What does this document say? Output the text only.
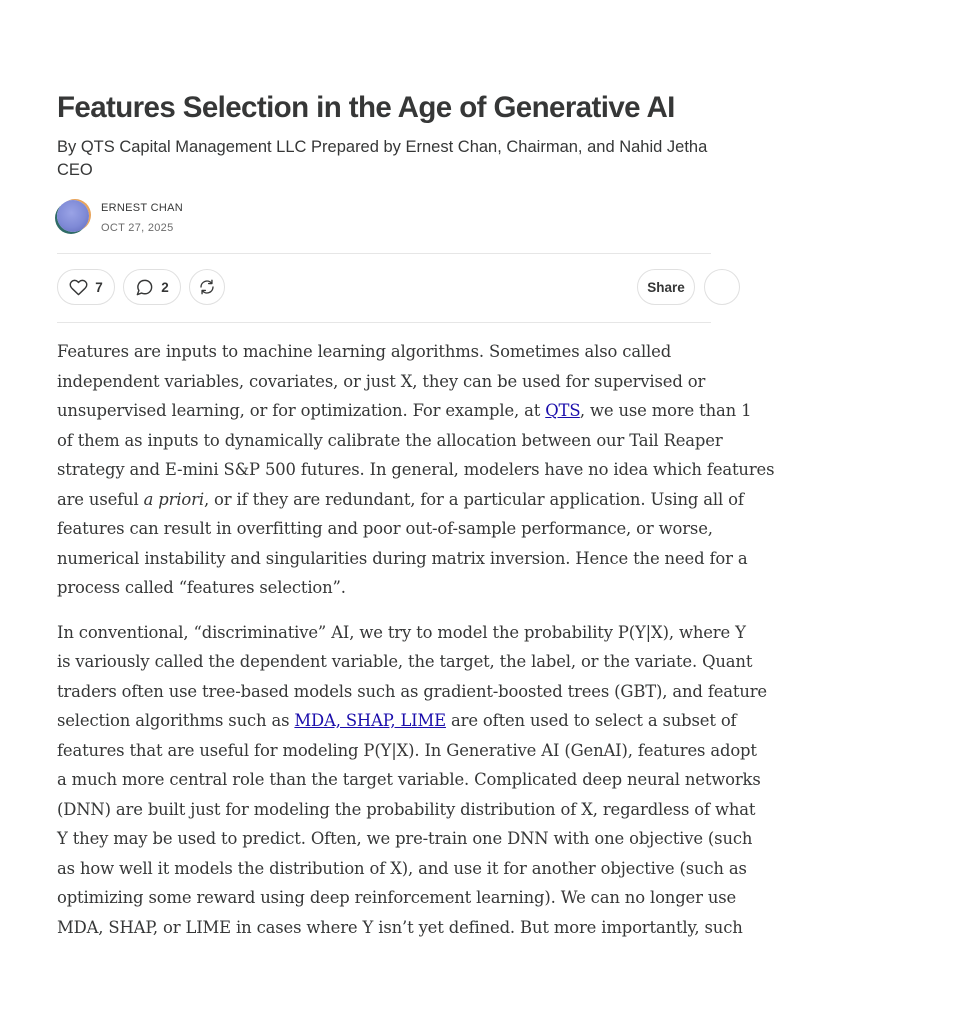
Features Selection in the Age of Generative AI

By QTS Capital Management LLC Prepared by Ernest Chan, Chairman, and Nahid Jetha
CEO

ERNEST CHAN
OCT 27, 2025
7	2	Share

Features are inputs to machine learning algorithms. Sometimes also called
independent variables, covariates, or just X, they can be used for supervised or
unsupervised learning, or for optimization. For example, at QTS, we use more than 1
of them as inputs to dynamically calibrate the allocation between our Tail Reaper
strategy and E-mini S&P 500 futures. In general, modelers have no idea which features
are useful a priori, or if they are redundant, for a particular application. Using all of
features can result in overfitting and poor out-of-sample performance, or worse,
numerical instability and singularities during matrix inversion. Hence the need for a
process called “features selection”.

In conventional, “discriminative” AI, we try to model the probability P(Y|X), where Y
is variously called the dependent variable, the target, the label, or the variate. Quant
traders often use tree-based models such as gradient-boosted trees (GBT), and feature
selection algorithms such as MDA, SHAP, LIME are often used to select a subset of
features that are useful for modeling P(Y|X). In Generative AI (GenAI), features adopt
a much more central role than the target variable. Complicated deep neural networks
(DNN) are built just for modeling the probability distribution of X, regardless of what
Y they may be used to predict. Often, we pre-train one DNN with one objective (such
as how well it models the distribution of X), and use it for another objective (such as
optimizing some reward using deep reinforcement learning). We can no longer use
MDA, SHAP, or LIME in cases where Y isn’t yet defined. But more importantly, such
